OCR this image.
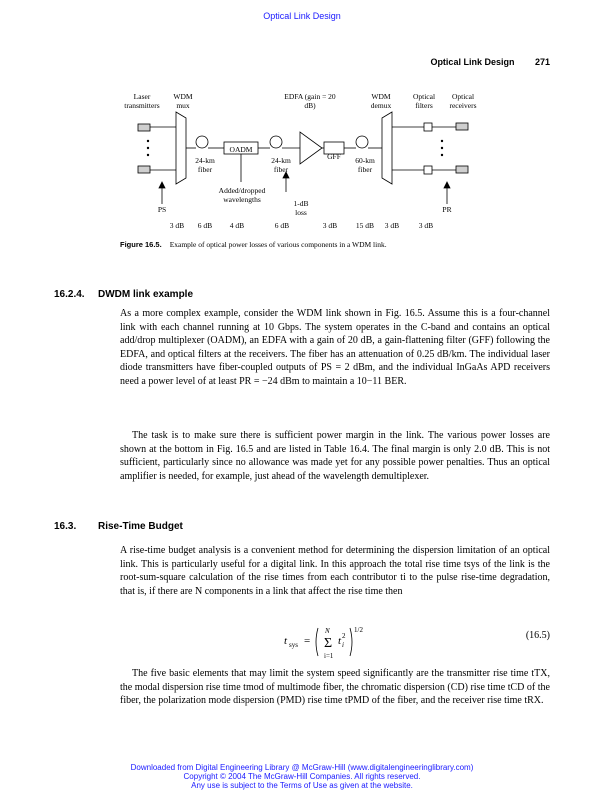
Optical Link Design
Optical Link Design 271
Laser transmitters
WDM mux
EDFA (gain = 20 dB)
WDM demux
Optical filters
Optical receivers
OADM
GFF
24-km fiber
24-km fiber
60-km fiber
Added/dropped wavelengths	1-dB loss
PS	PR
3 dB	6 dB	4 dB	6 dB	3 dB	15 dB	3 dB	3 dB
Figure 16.5. Example of optical power losses of various components in a WDM link.
16.2.4. DWDM link example

As a more complex example, consider the WDM link shown in Fig. 16.5. Assume this is a four-channel link with each channel running at 10 Gbps. The system operates in the C-band and contains an optical add/drop multiplexer (OADM), an EDFA with a gain of 20 dB, a gain-flattening filter (GFF) following the EDFA, and optical filters at the receivers. The fiber has an attenuation of 0.25 dB/km. The individual laser diode transmitters have fiber-coupled outputs of PS = 2 dBm, and the individual InGaAs APD receivers need a power level of at least PR = −24 dBm to maintain a 10−11 BER.

The task is to make sure there is sufficient power margin in the link. The various power losses are shown at the bottom in Fig. 16.5 and are listed in Table 16.4. The final margin is only 2.0 dB. This is not sufficient, particularly since no allowance was made yet for any possible power penalties. Thus an optical amplifier is needed, for example, just ahead of the wavelength demultiplexer.

16.3. Rise-Time Budget

A rise-time budget analysis is a convenient method for determining the dispersion limitation of an optical link. This is particularly useful for a digital link. In this approach the total rise time tsys of the link is the root-sum-square calculation of the rise times from each contributor ti to the pulse rise-time degradation, that is, if there are N components in a link that affect the rise time then

t sys = Σ
N
i=1
t 2
i
1/2	(16.5)

The five basic elements that may limit the system speed significantly are the transmitter rise time tTX, the modal dispersion rise time tmod of multimode fiber, the chromatic dispersion (CD) rise time tCD of the fiber, the polarization mode dispersion (PMD) rise time tPMD of the fiber, and the receiver rise time tRX.

Downloaded from Digital Engineering Library @ McGraw-Hill (www.digitalengineeringlibrary.com)
Copyright © 2004 The McGraw-Hill Companies. All rights reserved.
Any use is subject to the Terms of Use as given at the website.
